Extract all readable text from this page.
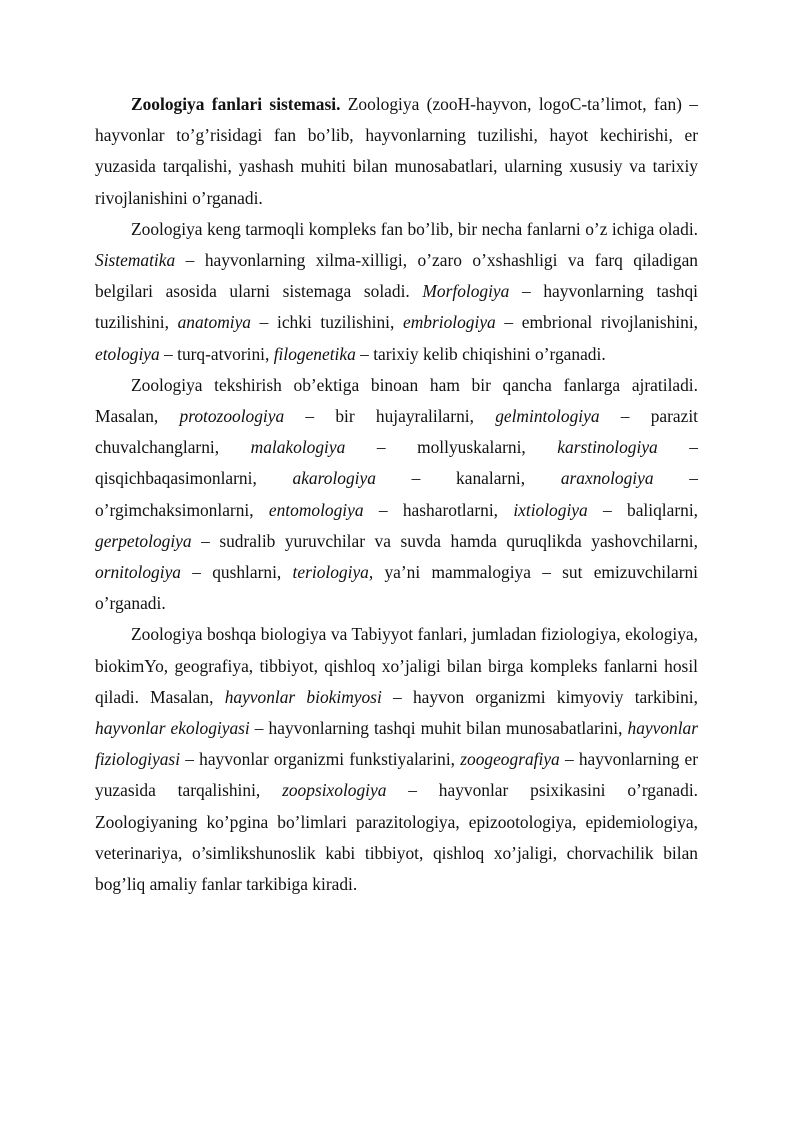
Zoologiya fanlari sistemasi. Zoologiya (zooH-hayvon, logoC-ta’limot, fan) – hayvonlar to’g’risidagi fan bo’lib, hayvonlarning tuzilishi, hayot kechirishi, er yuzasida tarqalishi, yashash muhiti bilan munosabatlari, ularning xususiy va tarixiy rivojlanishini o’rganadi.

Zoologiya keng tarmoqli kompleks fan bo’lib, bir necha fanlarni o’z ichiga oladi. Sistematika – hayvonlarning xilma-xilligi, o’zaro o’xshashligi va farq qiladigan belgilari asosida ularni sistemaga soladi. Morfologiya – hayvonlarning tashqi tuzilishini, anatomiya – ichki tuzilishini, embriologiya – embrional rivojlanishini, etologiya – turq-atvorini, filogenetika – tarixiy kelib chiqishini o’rganadi.

Zoologiya tekshirish ob’ektiga binoan ham bir qancha fanlarga ajratiladi. Masalan, protozoologiya – bir hujayralilarni, gelmintologiya – parazit chuvalchanglarni, malakologiya – mollyuskalarni, karstinologiya – qisqichbaqasimonlarni, akarologiya – kanalarni, araxnologiya – o’rgimchaksimonlarni, entomologiya – hasharotlarni, ixtiologiya – baliqlarni, gerpetologiya – sudralib yuruvchilar va suvda hamda quruqlikda yashovchilarni, ornitologiya – qushlarni, teriologiya, ya’ni mammalogiya – sut emizuvchilarni o’rganadi.

Zoologiya boshqa biologiya va Tabiyyot fanlari, jumladan fiziologiya, ekologiya, biokimYo, geografiya, tibbiyot, qishloq xo’jaligi bilan birga kompleks fanlarni hosil qiladi. Masalan, hayvonlar biokimyosi – hayvon organizmi kimyoviy tarkibini, hayvonlar ekologiyasi – hayvonlarning tashqi muhit bilan munosabatlarini, hayvonlar fiziologiyasi – hayvonlar organizmi funkstiyalarini, zoogeografiya – hayvonlarning er yuzasida tarqalishini, zoopsixologiya – hayvonlar psixikasini o’rganadi. Zoologiyaning ko’pgina bo’limlari parazitologiya, epizootologiya, epidemiologiya, veterinariya, o’simlikshunoslik kabi tibbiyot, qishloq xo’jaligi, chorvachilik bilan bog’liq amaliy fanlar tarkibiga kiradi.
